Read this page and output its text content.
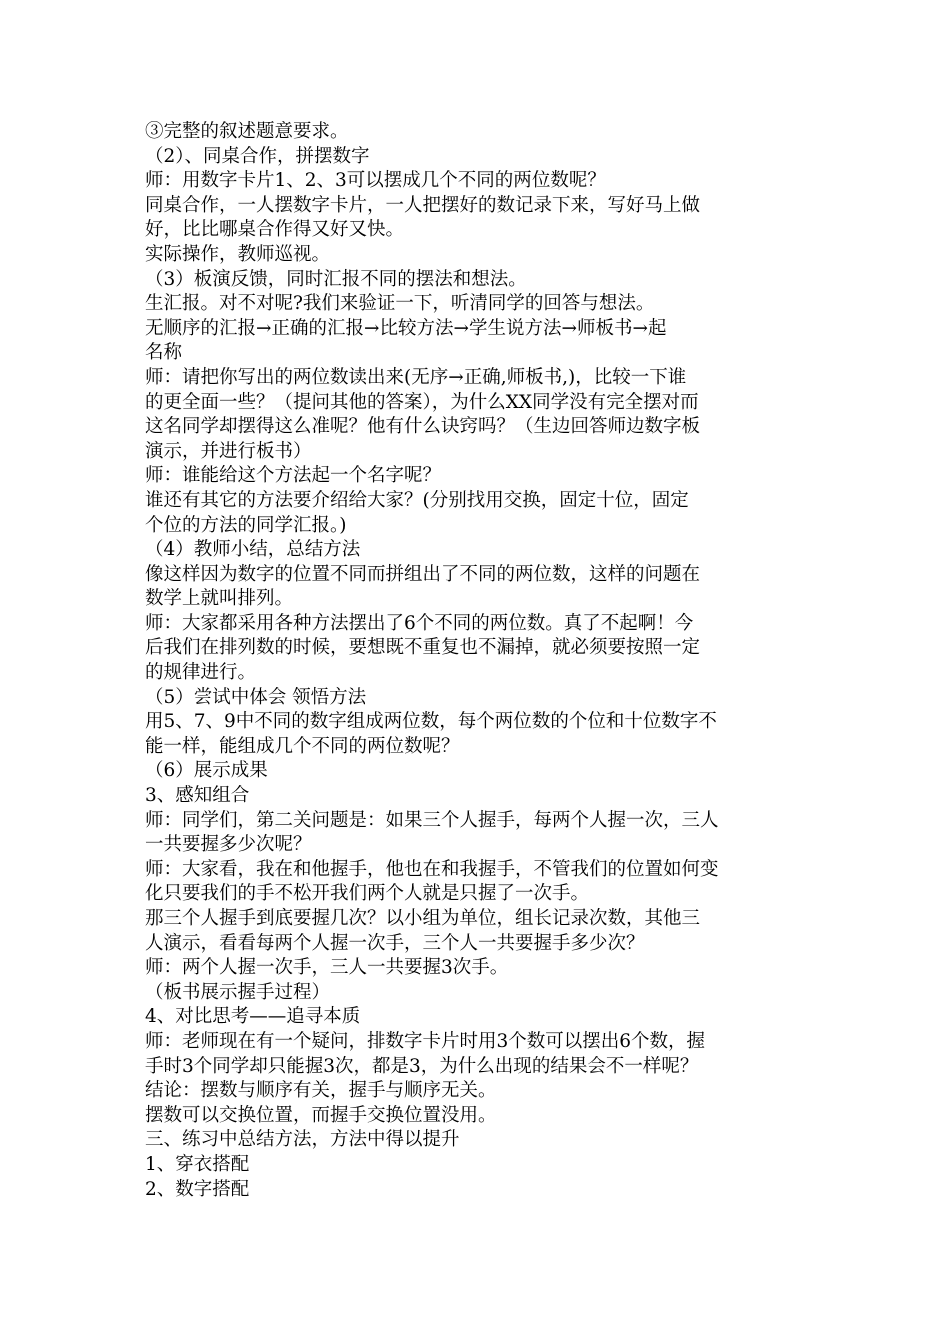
③完整的叙述题意要求。

（2）、同桌合作，拼摆数字

师：用数字卡片1、2、3可以摆成几个不同的两位数呢？

同桌合作，一人摆数字卡片，一人把摆好的数记录下来，写好马上做

好，比比哪桌合作得又好又快。

实际操作，教师巡视。

（3）板演反馈，同时汇报不同的摆法和想法。

生汇报。对不对呢?我们来验证一下，听清同学的回答与想法。

无顺序的汇报→正确的汇报→比较方法→学生说方法→师板书→起

名称

师：请把你写出的两位数读出来(无序→正确,师板书,)，比较一下谁

的更全面一些？（提问其他的答案），为什么XX同学没有完全摆对而

这名同学却摆得这么准呢？他有什么诀窍吗？（生边回答师边数字板

演示，并进行板书）

师：谁能给这个方法起一个名字呢？

谁还有其它的方法要介绍给大家？(分别找用交换，固定十位，固定

个位的方法的同学汇报。)

（4）教师小结，总结方法

像这样因为数字的位置不同而拼组出了不同的两位数，这样的问题在

数学上就叫排列。

师：大家都采用各种方法摆出了6个不同的两位数。真了不起啊！今

后我们在排列数的时候，要想既不重复也不漏掉，就必须要按照一定

的规律进行。

（5）尝试中体会 领悟方法

用5、7、9中不同的数字组成两位数，每个两位数的个位和十位数字不

能一样，能组成几个不同的两位数呢？

（6）展示成果

3、感知组合

师：同学们，第二关问题是：如果三个人握手，每两个人握一次，三人

一共要握多少次呢？

师：大家看，我在和他握手，他也在和我握手，不管我们的位置如何变

化只要我们的手不松开我们两个人就是只握了一次手。

那三个人握手到底要握几次？以小组为单位，组长记录次数，其他三

人演示，看看每两个人握一次手，三个人一共要握手多少次？

师：两个人握一次手，三人一共要握3次手。

（板书展示握手过程）

4、对比思考——追寻本质

师：老师现在有一个疑问，排数字卡片时用3个数可以摆出6个数，握

手时3个同学却只能握3次，都是3，为什么出现的结果会不一样呢？

结论：摆数与顺序有关，握手与顺序无关。

摆数可以交换位置，而握手交换位置没用。

三、练习中总结方法，方法中得以提升

1、穿衣搭配

2、数字搭配
